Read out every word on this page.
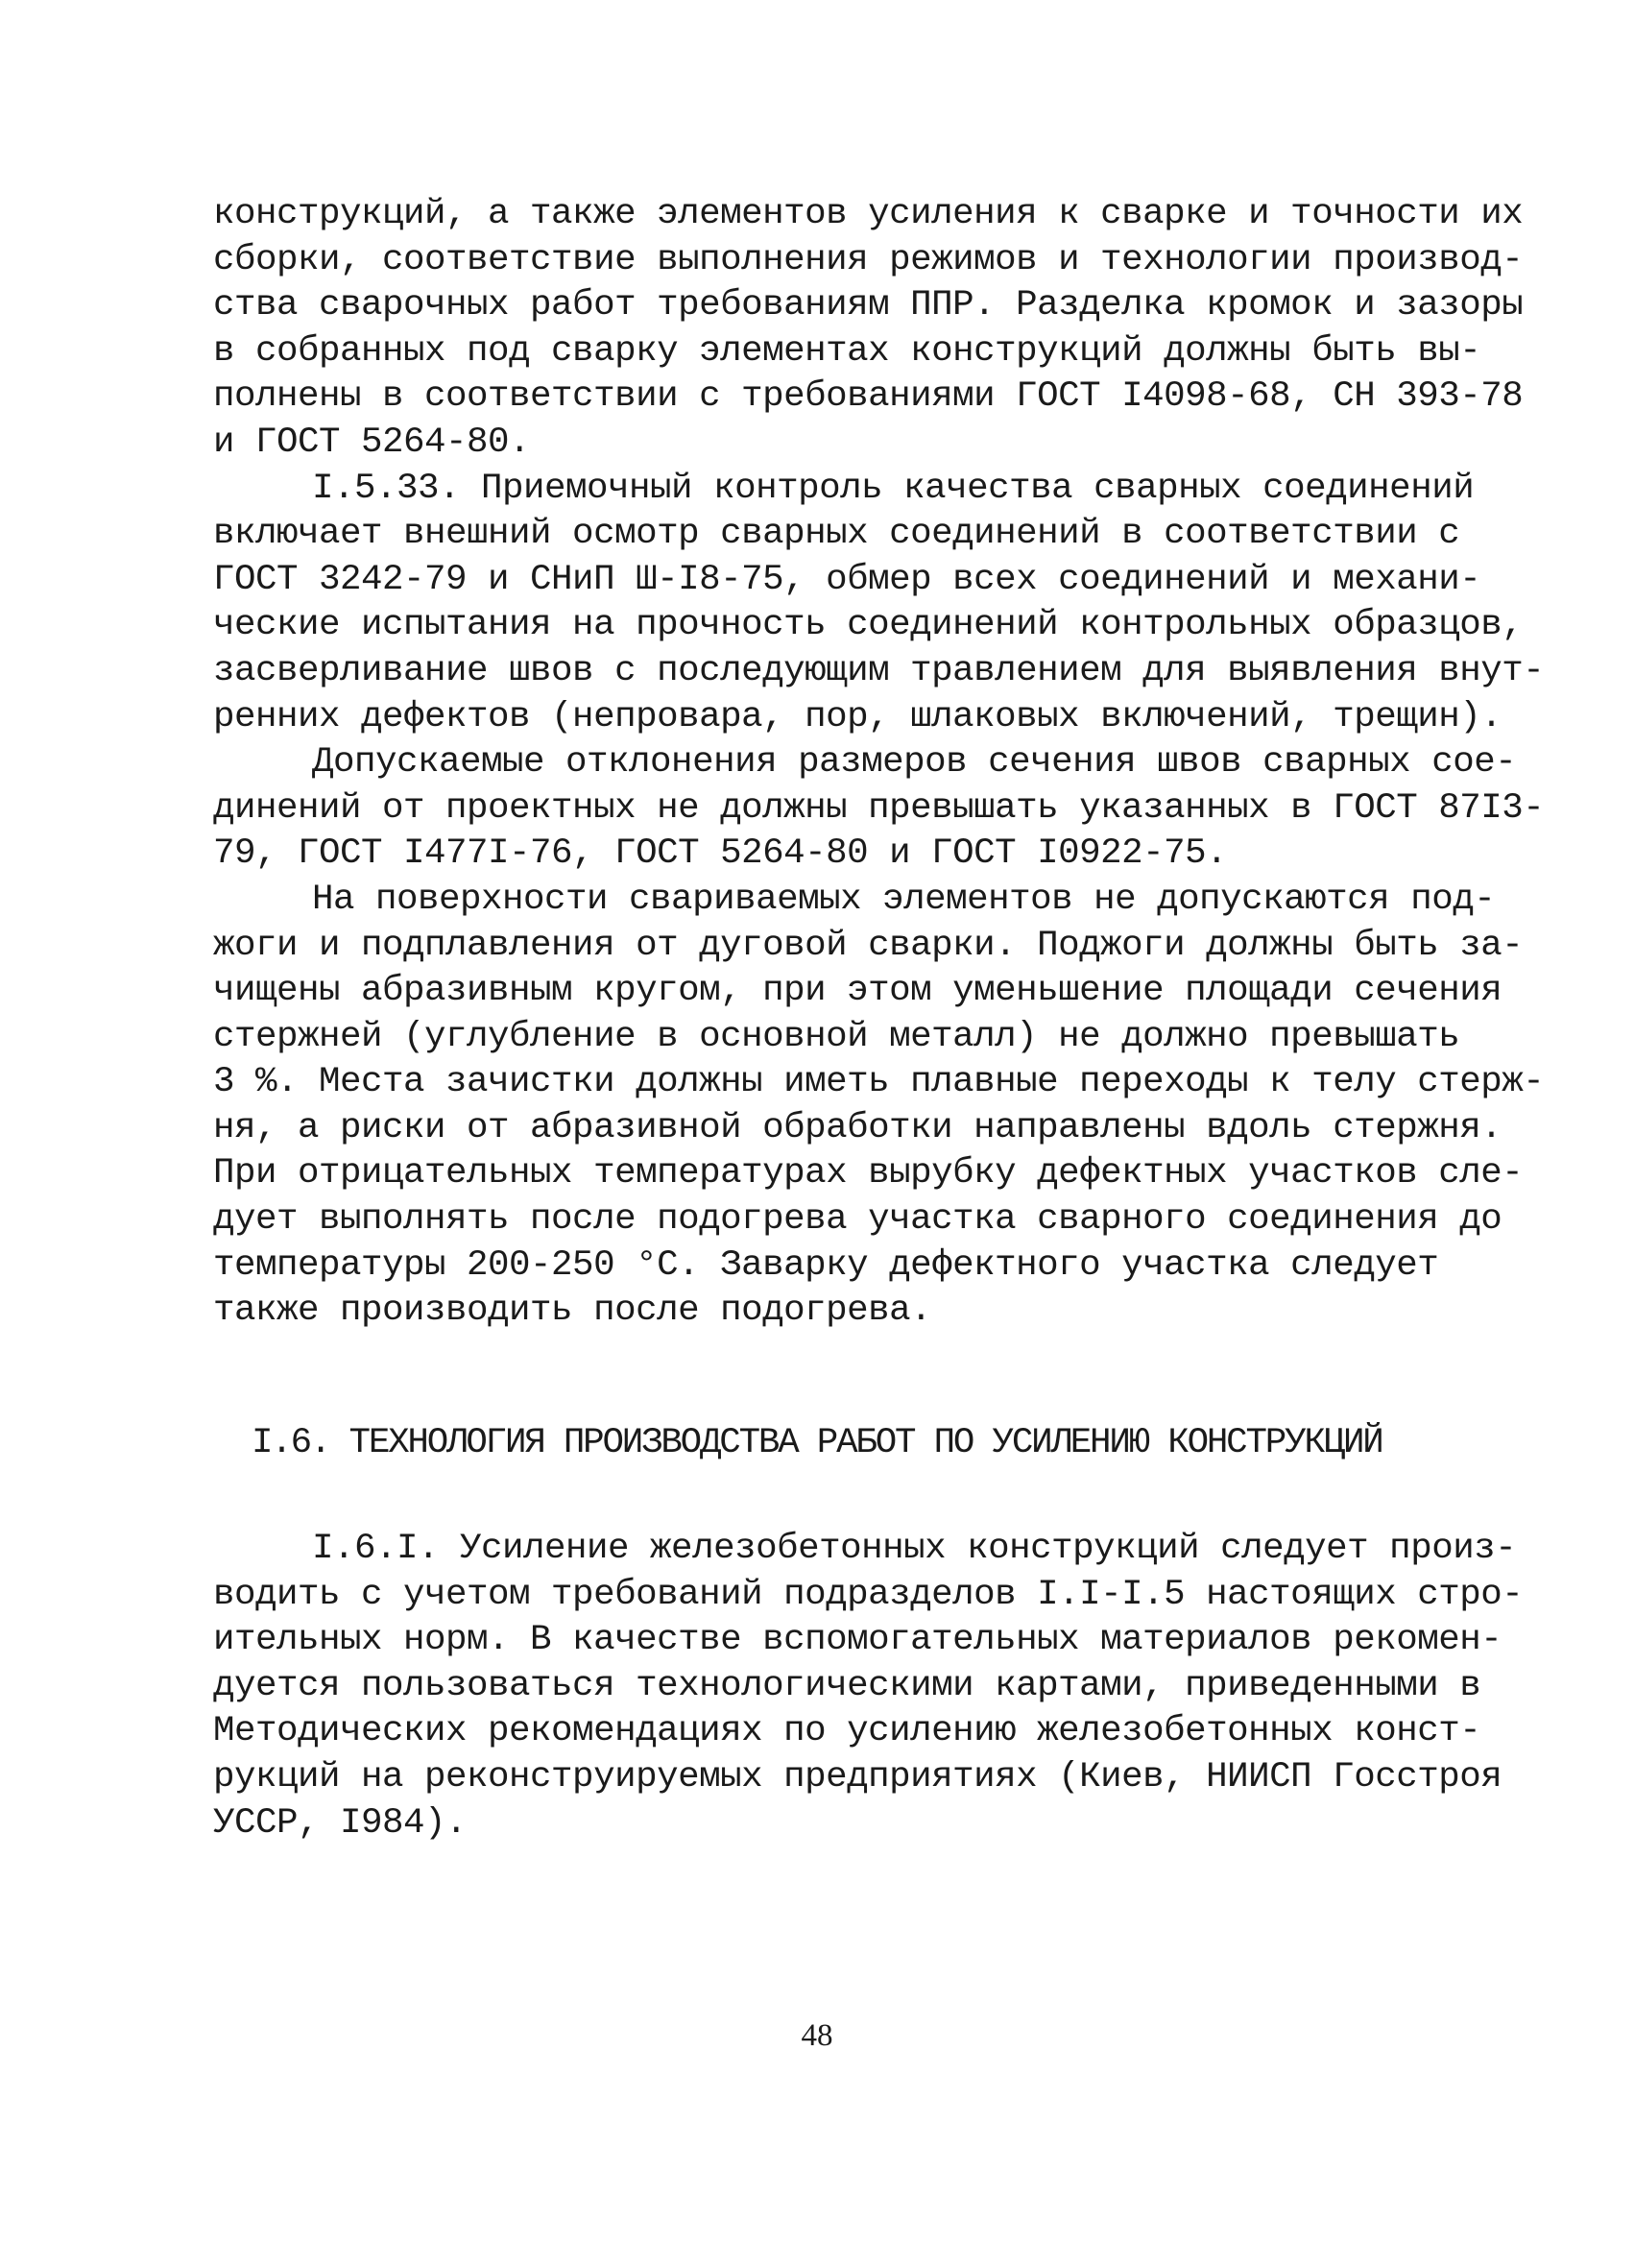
конструкций, а также элементов усиления к сварке и точности их
сборки, соответствие выполнения режимов и технологии производ-
ства сварочных работ требованиям ППР. Разделка кромок и зазоры
в собранных под сварку элементах конструкций должны быть вы-
полнены в соответствии с требованиями ГОСТ I4098-68, СН 393-78
и ГОСТ 5264-80.
I.5.33. Приемочный контроль качества сварных соединений
включает внешний осмотр сварных соединений в соответствии с
ГОСТ 3242-79 и СНиП Ш-I8-75, обмер всех соединений и механи-
ческие испытания на прочность соединений контрольных образцов,
засверливание швов с последующим травлением для выявления внут-
ренних дефектов (непровара, пор, шлаковых включений, трещин).
Допускаемые отклонения размеров сечения швов сварных сое-
динений от проектных не должны превышать указанных в ГОСТ 87I3-
79, ГОСТ I477I-76, ГОСТ 5264-80 и ГОСТ I0922-75.
На поверхности свариваемых элементов не допускаются под-
жоги и подплавления от дуговой сварки. Поджоги должны быть за-
чищены абразивным кругом, при этом уменьшение площади сечения
стержней (углубление в основной металл) не должно превышать
3 %. Места зачистки должны иметь плавные переходы к телу стерж-
ня, а риски от абразивной обработки направлены вдоль стержня.
При отрицательных температурах вырубку дефектных участков сле-
дует выполнять после подогрева участка сварного соединения до
температуры 200-250 °С. Заварку дефектного участка следует
также производить после подогрева.
I.6. ТЕХНОЛОГИЯ ПРОИЗВОДСТВА РАБОТ ПО УСИЛЕНИЮ КОНСТРУКЦИЙ
I.6.I. Усиление железобетонных конструкций следует произ-
водить с учетом требований подразделов I.I-I.5 настоящих стро-
ительных норм. В качестве вспомогательных материалов рекомен-
дуется пользоваться технологическими картами, приведенными в
Методических рекомендациях по усилению железобетонных конст-
рукций на реконструируемых предприятиях (Киев, НИИСП Госстроя
УССР, I984).
48
